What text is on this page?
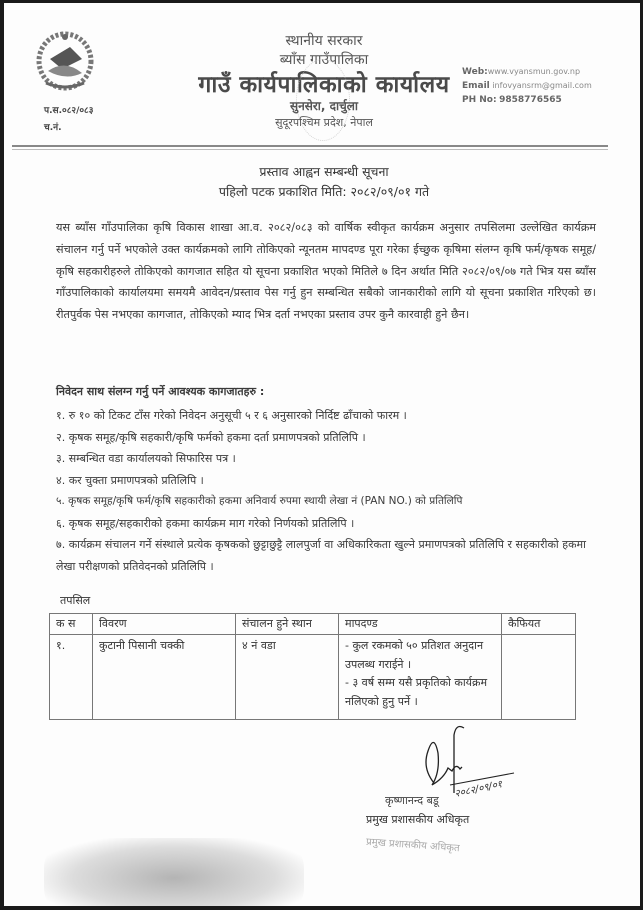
प.स.०८२/०८३
च.नं.
स्थानीय सरकार
ब्याँस गाउँपालिका
गाउँ कार्यपालिकाको कार्यालय
सुनसेरा, दार्चुला
सुदूरपश्चिम प्रदेश, नेपाल
Web:www.vyansmun.gov.np
Email infovyansrm@gmail.com
PH No: 9858776565
प्रस्ताव आह्वन सम्बन्धी सूचना
पहिलो पटक प्रकाशित मिति: २०८२/०९/०१ गते
यस ब्याँस गाँउपालिका कृषि विकास शाखा आ.व. २०८२/०८३ को वार्षिक स्वीकृत कार्यक्रम अनुसार तपसिलमा उल्लेखित कार्यक्रम संचालन गर्नु पर्ने भएकोले उक्त कार्यक्रमको लागि तोकिएको न्यूनतम मापदण्ड पूरा गरेका ईच्छुक कृषिमा संलग्न कृषि फर्म/कृषक समूह/कृषि सहकारीहरुले तोकिएको कागजात सहित यो सूचना प्रकाशित भएको मितिले ७ दिन अर्थात मिति २०८२/०९/०७ गते भित्र यस ब्याँस गाँउपालिकाको कार्यालयमा समयमै आवेदन/प्रस्ताव पेस गर्नु हुन सम्बन्धित सबैको जानकारीको लागि यो सूचना प्रकाशित गरिएको छ। रीतपुर्वक पेस नभएका कागजात, तोकिएको म्याद भित्र दर्ता नभएका प्रस्ताव उपर कुनै कारवाही हुने छैन।
निवेदन साथ संलग्न गर्नु पर्ने आवश्यक कागजातहरु :
१. रु १० को टिकट टाँस गरेको निवेदन अनुसूची ५ र ६ अनुसारको निर्दिष्ट ढाँचाको फारम ।
२. कृषक समूह/कृषि सहकारी/कृषि फर्मको हकमा दर्ता प्रमाणपत्रको प्रतिलिपि ।
३. सम्बन्धित वडा कार्यालयको सिफारिस पत्र ।
४. कर चुक्ता प्रमाणपत्रको प्रतिलिपि ।
५. कृषक समूह/कृषि फर्म/कृषि सहकारीको हकमा अनिवार्य रुपमा स्थायी लेखा नं (PAN NO.) को प्रतिलिपि
६. कृषक समूह/सहकारीको हकमा कार्यक्रम माग गरेको निर्णयको प्रतिलिपि ।
७. कार्यक्रम संचालन गर्ने संस्थाले प्रत्येक कृषकको छुट्टाछुट्टै लालपुर्जा वा अधिकारिकता खुल्ने प्रमाणपत्रको प्रतिलिपि र सहकारीको हकमा लेखा परीक्षणको प्रतिवेदनको प्रतिलिपि ।
तपसिल
क स	विवरण	संचालन हुने स्थान	मापदण्ड	कैफियत
१.	कुटानी पिसानी चक्की	४ नं वडा	- कुल रकमको ५० प्रतिशत अनुदान उपलब्ध गराईने ।
- ३ वर्ष सम्म यसै प्रकृतिको कार्यक्रम नलिएको हुनु पर्ने ।	

२०८२/०९/०१
कृष्णानन्द बडू
प्रमुख प्रशासकीय अधिकृत
प्रमुख प्रशासकीय अधिकृत
